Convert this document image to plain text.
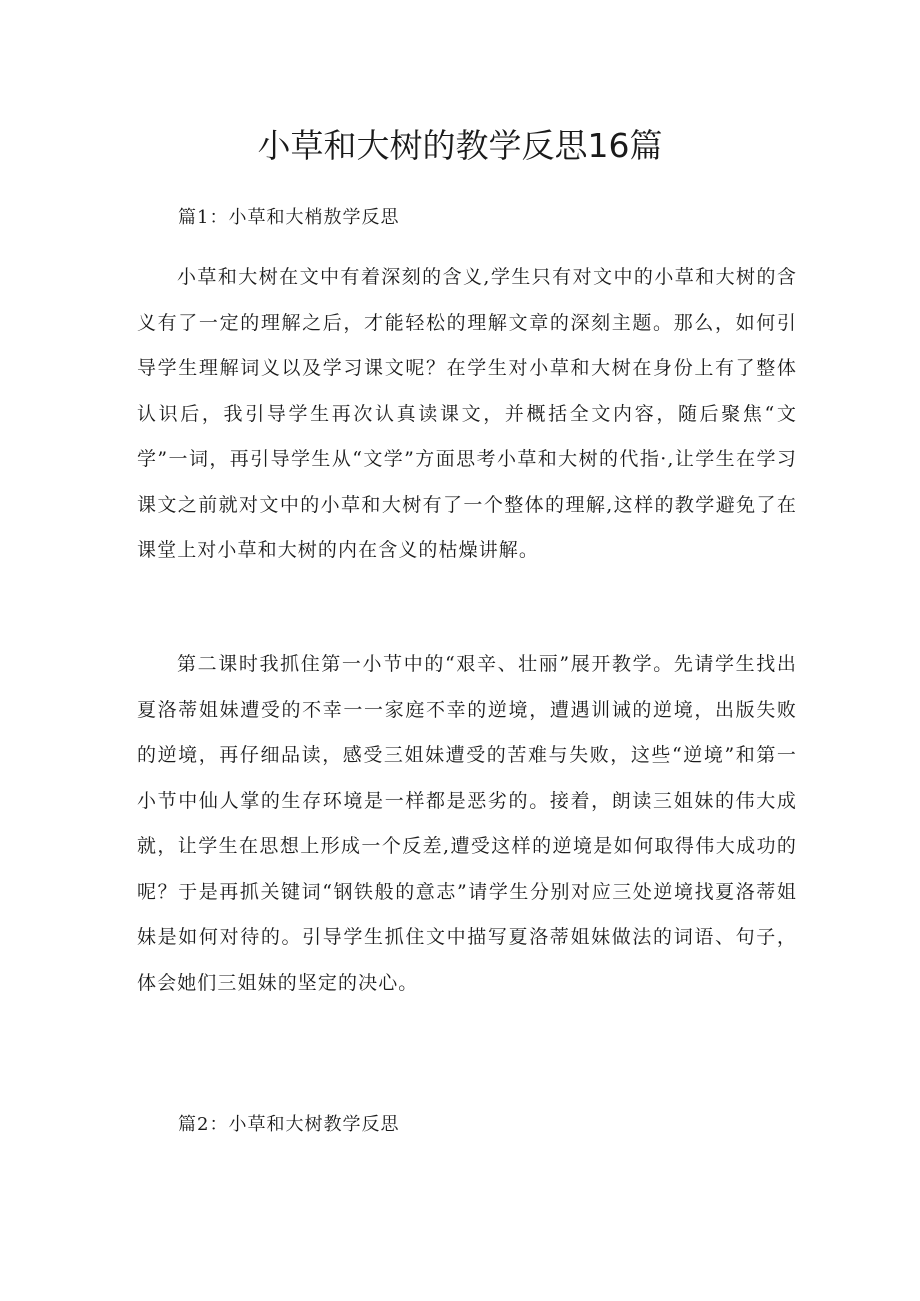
小草和大树的教学反思16篇
篇1：小草和大梢敖学反思

小草和大树在文中有着深刻的含义,学生只有对文中的小草和大树的含义有了一定的理解之后，才能轻松的理解文章的深刻主题。那么，如何引导学生理解词义以及学习课文呢？在学生对小草和大树在身份上有了整体认识后，我引导学生再次认真读课文，并概括全文内容，随后聚焦“文学”一词，再引导学生从“文学”方面思考小草和大树的代指·,让学生在学习课文之前就对文中的小草和大树有了一个整体的理解,这样的教学避免了在课堂上对小草和大树的内在含义的枯燥讲解。

第二课时我抓住第一小节中的“艰辛、壮丽”展开教学。先请学生找出夏洛蒂姐妹遭受的不幸一一家庭不幸的逆境，遭遇训诫的逆境，出版失败的逆境，再仔细品读，感受三姐妹遭受的苦难与失败，这些“逆境”和第一小节中仙人掌的生存环境是一样都是恶劣的。接着，朗读三姐妹的伟大成就，让学生在思想上形成一个反差,遭受这样的逆境是如何取得伟大成功的呢？于是再抓关键词“钢铁般的意志”请学生分别对应三处逆境找夏洛蒂姐妹是如何对待的。引导学生抓住文中描写夏洛蒂姐妹做法的词语、句子，体会她们三姐妹的坚定的决心。

篇2：小草和大树教学反思
